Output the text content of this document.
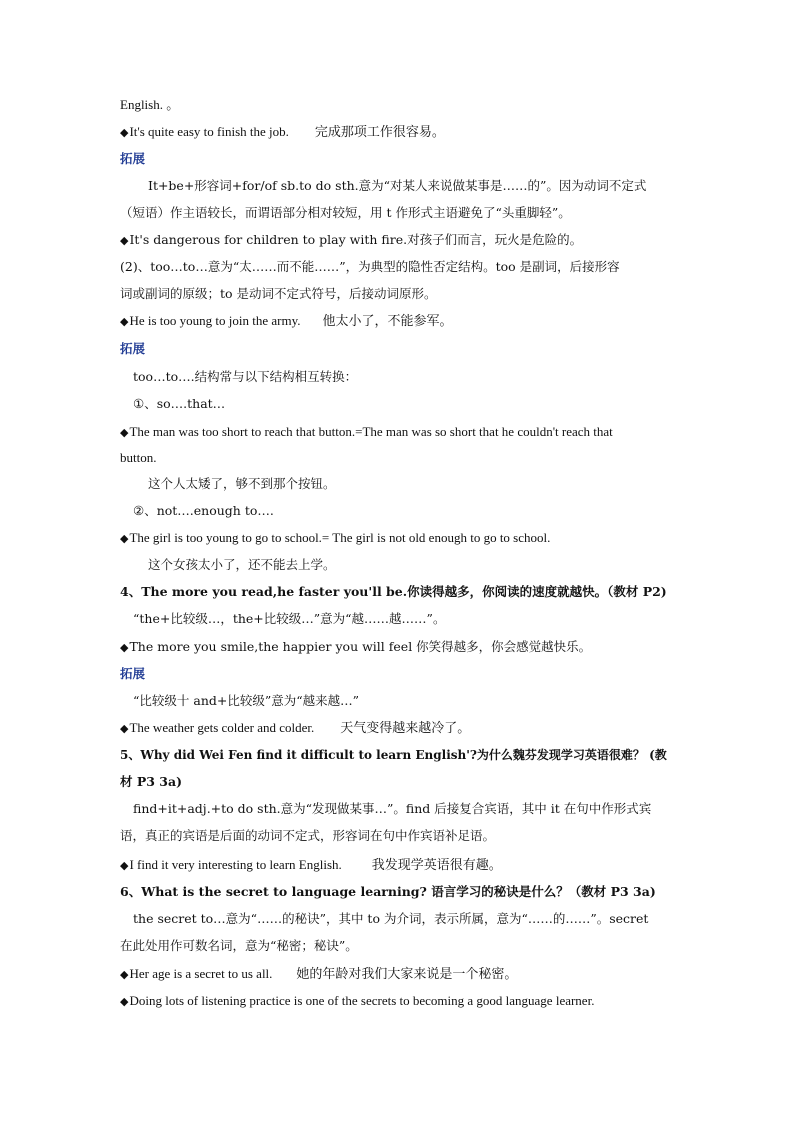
English. 。
◆It's quite easy to finish the job. 完成那项工作很容易。
拓展
It+be+形容词+for/of sb.to do sth.意为“对某人来说做某事是……的”。因为动词不定式
（短语）作主语较长，而谓语部分相对较短，用 t 作形式主语避免了“头重脚轻”。
◆It's dangerous for children to play with fire.对孩子们而言，玩火是危险的。
(2)、too…to…意为“太……而不能……”，为典型的隐性否定结构。too 是副词，后接形容
词或副词的原级；to 是动词不定式符号，后接动词原形。
◆He is too young to join the army. 他太小了，不能参军。
拓展
too…to….结构常与以下结构相互转换：
①、so….that…
◆The man was too short to reach that button.=The man was so short that he couldn't reach that
button.
这个人太矮了，够不到那个按钮。
②、not….enough to….
◆The girl is too young to go to school.= The girl is not old enough to go to school.
这个女孩太小了，还不能去上学。
4、The more you read,he faster you'll be.你读得越多，你阅读的速度就越快。（教材 P2)
“the+比较级…，the+比较级…”意为“越……越……”。
◆The more you smile,the happier you will feel 你笑得越多，你会感觉越快乐。
拓展
“比较级十 and+比较级”意为“越来越…”
◆The weather gets colder and colder. 天气变得越来越冷了。
5、Why did Wei Fen find it difficult to learn English'?为什么魏芬发现学习英语很难？ (教
材 P3 3a)
find+it+adj.+to do sth.意为“发现做某事…”。find 后接复合宾语，其中 it 在句中作形式宾
语，真正的宾语是后面的动词不定式，形容词在句中作宾语补足语。
◆I find it very interesting to learn English. 我发现学英语很有趣。
6、What is the secret to language learning? 语言学习的秘诀是什么？（教材 P3 3a)
the secret to…意为“……的秘诀”，其中 to 为介词，表示所属，意为“……的……”。secret
在此处用作可数名词，意为“秘密；秘诀”。
◆Her age is a secret to us all. 她的年龄对我们大家来说是一个秘密。
◆Doing lots of listening practice is one of the secrets to becoming a good language learner.
